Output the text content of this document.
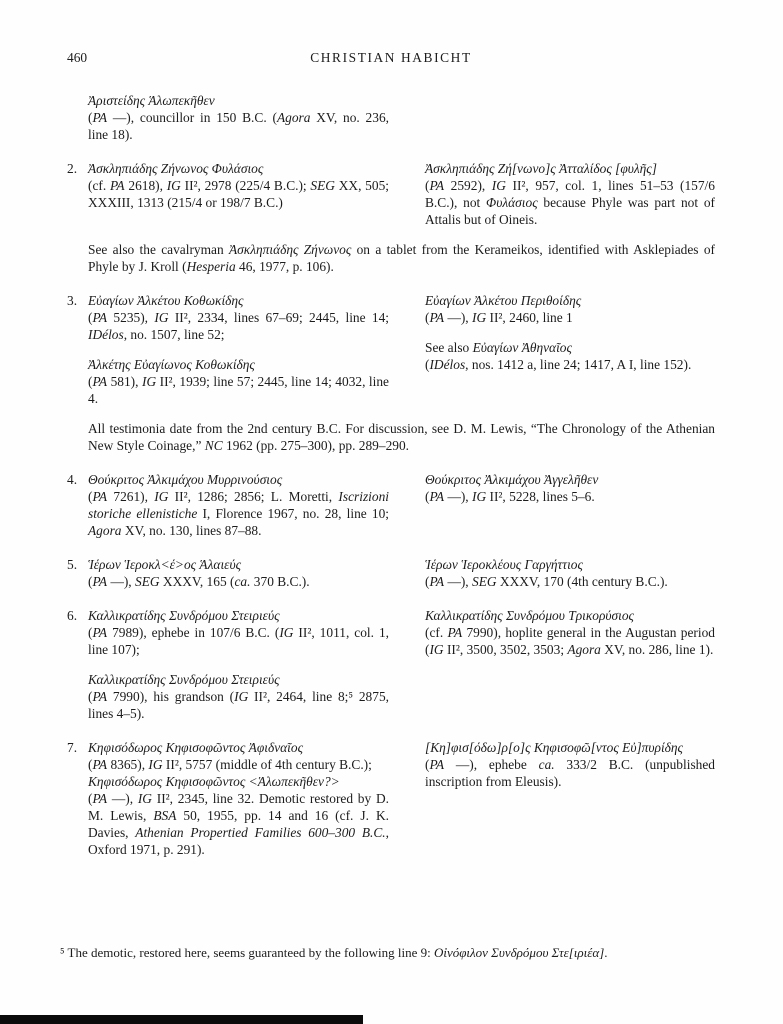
460	CHRISTIAN HABICHT
Ἀριστείδης Ἁλωπεκῆθεν
(PA —), councillor in 150 B.C. (Agora XV, no. 236, line 18).
2. Ἀσκληπιάδης Ζήνωνος Φυλάσιος
(cf. PA 2618), IG II², 2978 (225/4 B.C.); SEG XX, 505; XXXIII, 1313 (215/4 or 198/7 B.C.)
Ἀσκληπιάδης Ζή[νωνο]ς Ἀτταλίδος [φυλῆς]
(PA 2592), IG II², 957, col. 1, lines 51–53 (157/6 B.C.), not Φυλάσιος because Phyle was part not of Attalis but of Oineis.
See also the cavalryman Ἀσκληπιάδης Ζήνωνος on a tablet from the Kerameikos, identified with Asklepiades of Phyle by J. Kroll (Hesperia 46, 1977, p. 106).
3. Εὐαγίων Ἀλκέτου Κοθωκίδης
(PA 5235), IG II², 2334, lines 67–69; 2445, line 14; IDélos, no. 1507, line 52;
Ἀλκέτης Εὐαγίωνος Κοθωκίδης
(PA 581), IG II², 1939; line 57; 2445, line 14; 4032, line 4.
Εὐαγίων Ἀλκέτου Περιθοίδης
(PA —), IG II², 2460, line 1
See also Εὐαγίων Ἀθηναῖος
(IDélos, nos. 1412 a, line 24; 1417, A I, line 152).
All testimonia date from the 2nd century B.C. For discussion, see D. M. Lewis, “The Chronology of the Athenian New Style Coinage,” NC 1962 (pp. 275–300), pp. 289–290.
4. Θούκριτος Ἀλκιμάχου Μυρρινούσιος
(PA 7261), IG II², 1286; 2856; L. Moretti, Iscrizioni storiche ellenistiche I, Florence 1967, no. 28, line 10; Agora XV, no. 130, lines 87–88.
Θούκριτος Ἀλκιμάχου Ἀγγελῆθεν
(PA —), IG II², 5228, lines 5–6.
5. Ἱέρων Ἱεροκλ<έ>ος Ἁλαιεύς
(PA —), SEG XXXV, 165 (ca. 370 B.C.).
Ἱέρων Ἱεροκλέους Γαργήττιος
(PA —), SEG XXXV, 170 (4th century B.C.).
6. Καλλικρατίδης Συνδρόμου Στειριεύς
(PA 7989), ephebe in 107/6 B.C. (IG II², 1011, col. 1, line 107);
Καλλικρατίδης Συνδρόμου Στειριεύς
(PA 7990), his grandson (IG II², 2464, line 8;⁵ 2875, lines 4–5).
Καλλικρατίδης Συνδρόμου Τρικορύσιος
(cf. PA 7990), hoplite general in the Augustan period (IG II², 3500, 3502, 3503; Agora XV, no. 286, line 1).
7. Κηφισόδωρος Κηφισοφῶντος Ἀφιδναῖος
(PA 8365), IG II², 5757 (middle of 4th century B.C.);
Κηφισόδωρος Κηφισοφῶντος <Ἁλωπεκῆθεν?>
(PA —), IG II², 2345, line 32. Demotic restored by D. M. Lewis, BSA 50, 1955, pp. 14 and 16 (cf. J. K. Davies, Athenian Propertied Families 600–300 B.C., Oxford 1971, p. 291).
[Κη]φισ[όδω]ρ[ο]ς Κηφισοφῶ[ντος Εὐ]πυρίδης
(PA —), ephebe ca. 333/2 B.C. (unpublished inscription from Eleusis).
⁵ The demotic, restored here, seems guaranteed by the following line 9: Οἰνόφιλον Συνδρόμου Στε[ιριέα].
